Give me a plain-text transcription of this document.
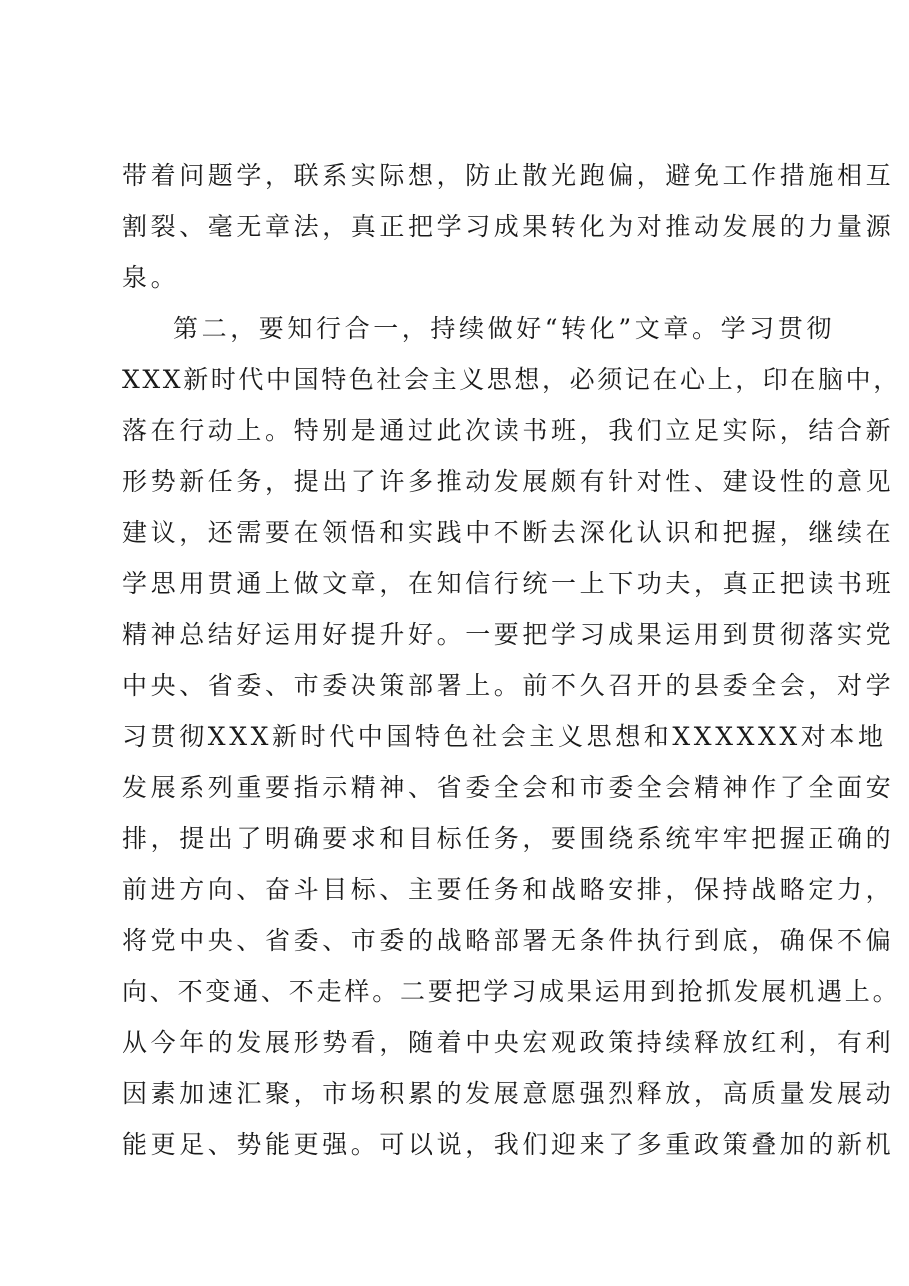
带着问题学，联系实际想，防止散光跑偏，避免工作措施相互
割裂、毫无章法，真正把学习成果转化为对推动发展的力量源
泉。
第二，要知行合一，持续做好“转化”文章。学习贯彻
XXX新时代中国特色社会主义思想，必须记在心上，印在脑中，
落在行动上。特别是通过此次读书班，我们立足实际，结合新
形势新任务，提出了许多推动发展颇有针对性、建设性的意见
建议，还需要在领悟和实践中不断去深化认识和把握，继续在
学思用贯通上做文章，在知信行统一上下功夫，真正把读书班
精神总结好运用好提升好。一要把学习成果运用到贯彻落实党
中央、省委、市委决策部署上。前不久召开的县委全会，对学
习贯彻XXX新时代中国特色社会主义思想和XXXXXX对本地
发展系列重要指示精神、省委全会和市委全会精神作了全面安
排，提出了明确要求和目标任务，要围绕系统牢牢把握正确的
前进方向、奋斗目标、主要任务和战略安排，保持战略定力，
将党中央、省委、市委的战略部署无条件执行到底，确保不偏
向、不变通、不走样。二要把学习成果运用到抢抓发展机遇上。
从今年的发展形势看，随着中央宏观政策持续释放红利，有利
因素加速汇聚，市场积累的发展意愿强烈释放，高质量发展动
能更足、势能更强。可以说，我们迎来了多重政策叠加的新机
